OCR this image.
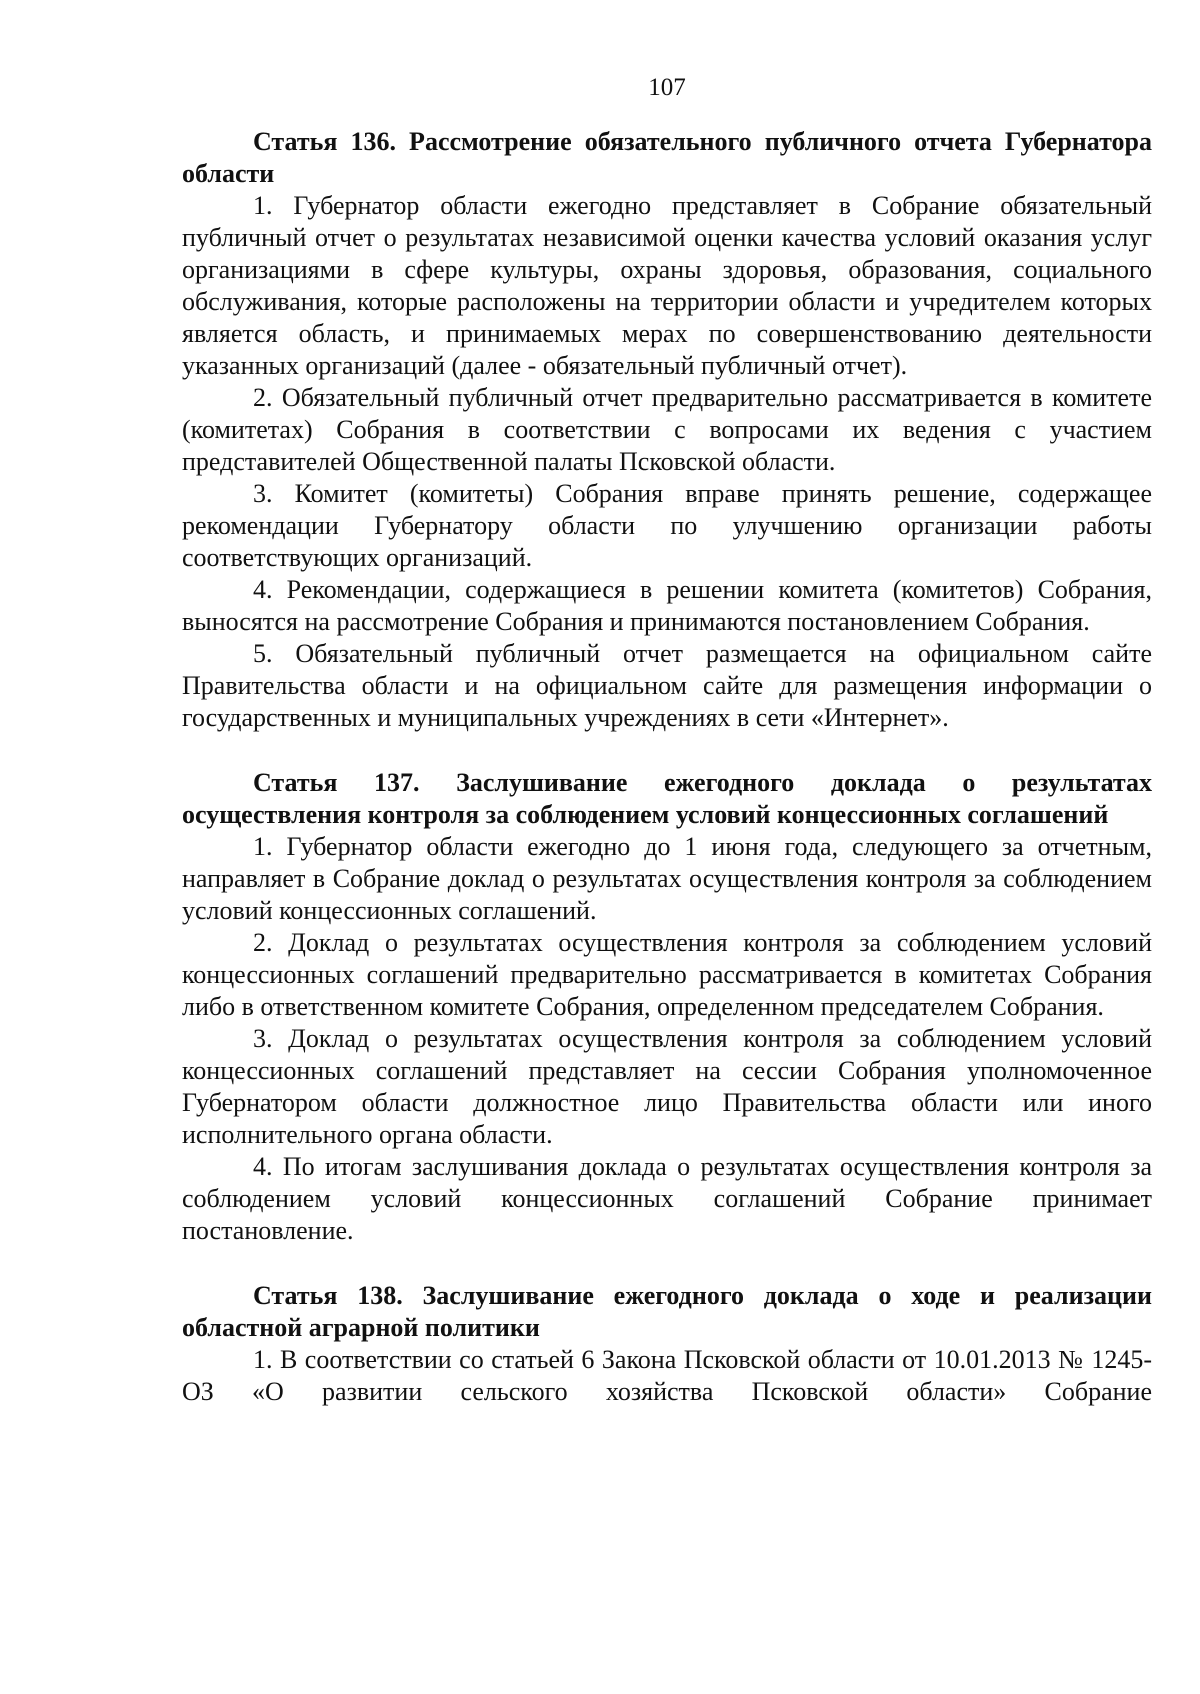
107
Статья 136. Рассмотрение обязательного публичного отчета Губернатора области

1. Губернатор области ежегодно представляет в Собрание обязательный публичный отчет о результатах независимой оценки качества условий оказания услуг организациями в сфере культуры, охраны здоровья, образования, социального обслуживания, которые расположены на территории области и учредителем которых является область, и принимаемых мерах по совершенствованию деятельности указанных организаций (далее - обязательный публичный отчет).

2. Обязательный публичный отчет предварительно рассматривается в комитете (комитетах) Собрания в соответствии с вопросами их ведения с участием представителей Общественной палаты Псковской области.

3. Комитет (комитеты) Собрания вправе принять решение, содержащее рекомендации Губернатору области по улучшению организации работы соответствующих организаций.

4. Рекомендации, содержащиеся в решении комитета (комитетов) Собрания, выносятся на рассмотрение Собрания и принимаются постановлением Собрания.

5. Обязательный публичный отчет размещается на официальном сайте Правительства области и на официальном сайте для размещения информации о государственных и муниципальных учреждениях в сети «Интернет».

Статья 137. Заслушивание ежегодного доклада о результатах осуществления контроля за соблюдением условий концессионных соглашений

1. Губернатор области ежегодно до 1 июня года, следующего за отчетным, направляет в Собрание доклад о результатах осуществления контроля за соблюдением условий концессионных соглашений.

2. Доклад о результатах осуществления контроля за соблюдением условий концессионных соглашений предварительно рассматривается в комитетах Собрания либо в ответственном комитете Собрания, определенном председателем Собрания.

3. Доклад о результатах осуществления контроля за соблюдением условий концессионных соглашений представляет на сессии Собрания уполномоченное Губернатором области должностное лицо Правительства области или иного исполнительного органа области.

4. По итогам заслушивания доклада о результатах осуществления контроля за соблюдением условий концессионных соглашений Собрание принимает постановление.

Статья 138. Заслушивание ежегодного доклада о ходе и реализации областной аграрной политики

1. В соответствии со статьей 6 Закона Псковской области от 10.01.2013 № 1245-ОЗ «О развитии сельского хозяйства Псковской области» Собрание
